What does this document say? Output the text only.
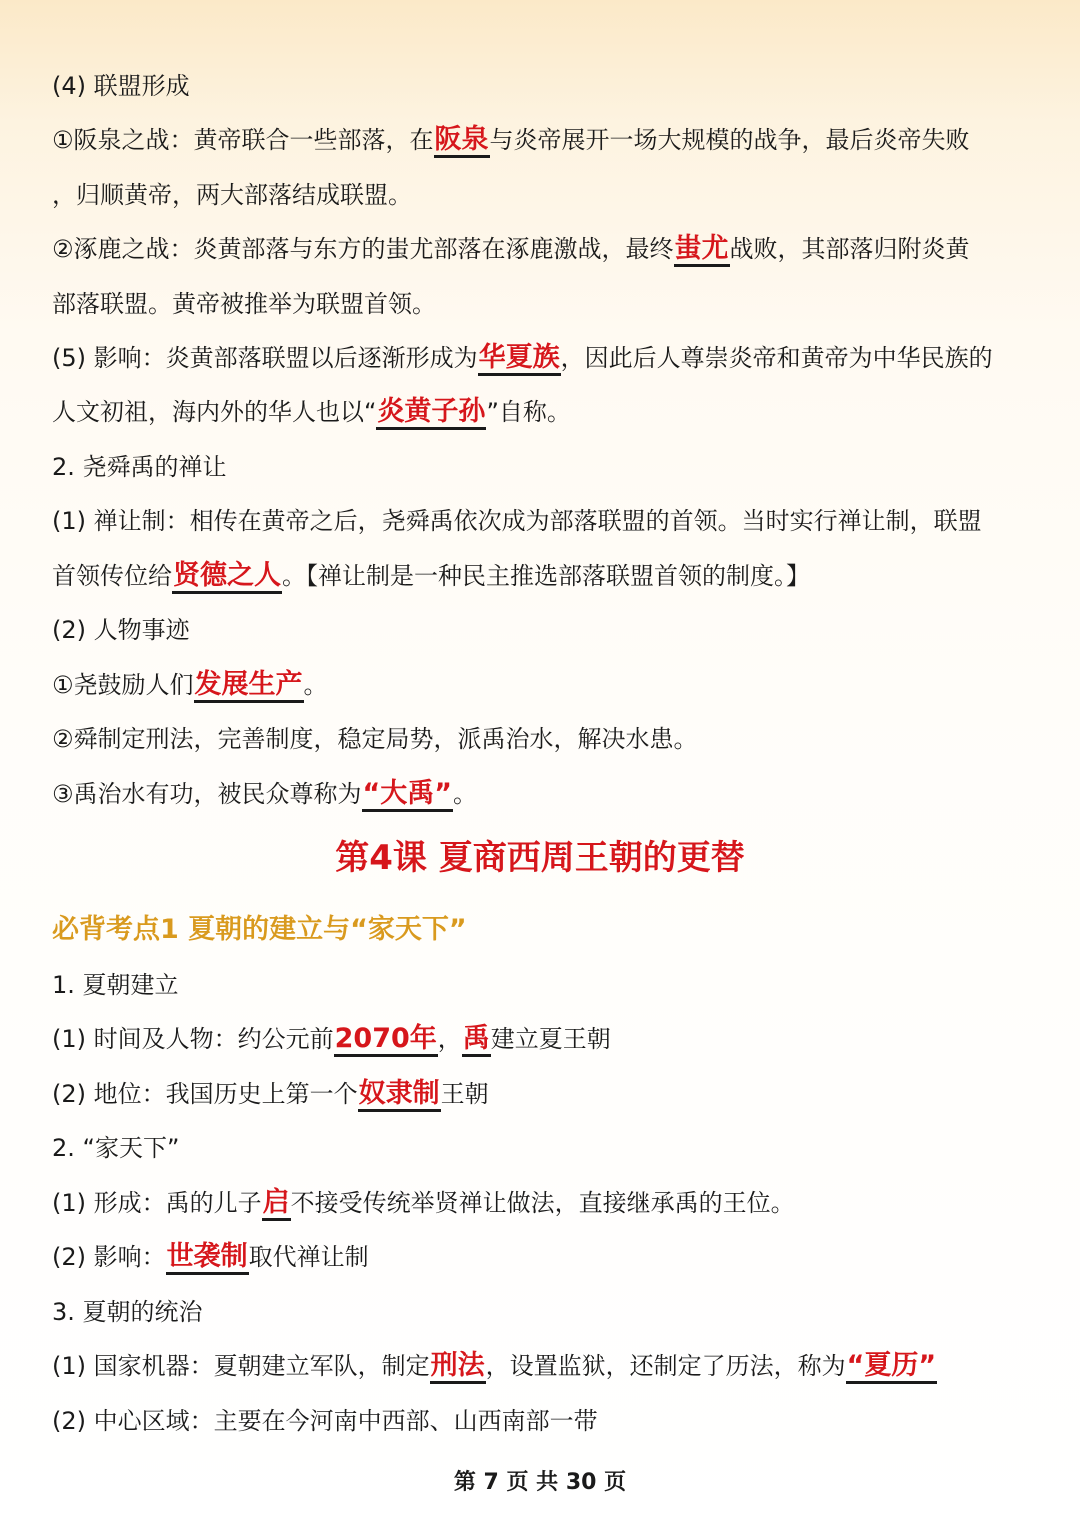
(4) 联盟形成
①阪泉之战：黄帝联合一些部落，在阪泉与炎帝展开一场大规模的战争，最后炎帝失败
，归顺黄帝，两大部落结成联盟。
②涿鹿之战：炎黄部落与东方的蚩尤部落在涿鹿激战，最终蚩尤战败，其部落归附炎黄
部落联盟。黄帝被推举为联盟首领。
(5) 影响：炎黄部落联盟以后逐渐形成为华夏族，因此后人尊崇炎帝和黄帝为中华民族的
人文初祖，海内外的华人也以“炎黄子孙”自称。
2. 尧舜禹的禅让
(1) 禅让制：相传在黄帝之后，尧舜禹依次成为部落联盟的首领。当时实行禅让制，联盟
首领传位给贤德之人。【禅让制是一种民主推选部落联盟首领的制度。】
(2) 人物事迹
①尧鼓励人们发展生产。
②舜制定刑法，完善制度，稳定局势，派禹治水，解决水患。
③禹治水有功，被民众尊称为“大禹”。
第4课 夏商西周王朝的更替
必背考点1 夏朝的建立与“家天下”
1. 夏朝建立
(1) 时间及人物：约公元前2070年，禹建立夏王朝
(2) 地位：我国历史上第一个奴隶制王朝
2. “家天下”
(1) 形成：禹的儿子启不接受传统举贤禅让做法，直接继承禹的王位。
(2) 影响：世袭制取代禅让制
3. 夏朝的统治
(1) 国家机器：夏朝建立军队，制定刑法，设置监狱，还制定了历法，称为“夏历”
(2) 中心区域：主要在今河南中西部、山西南部一带
第 7 页 共 30 页
